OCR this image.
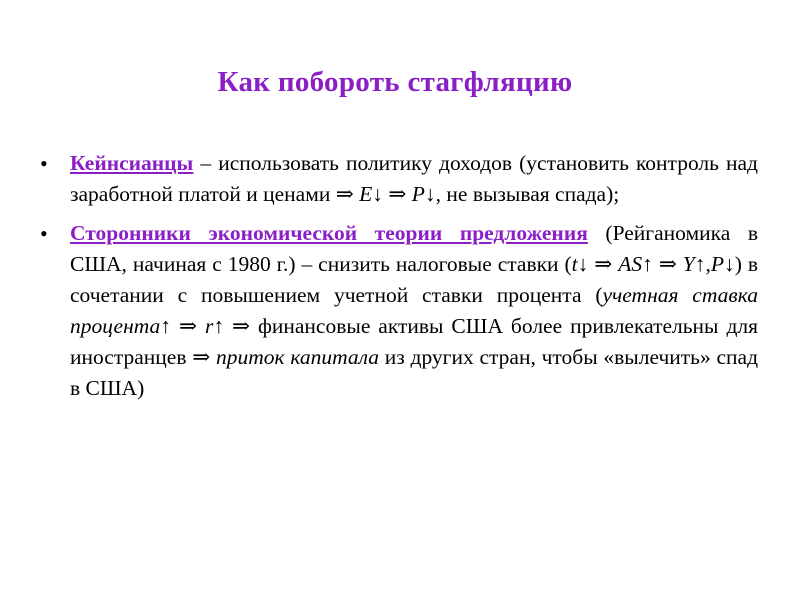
Как побороть стагфляцию
• Кейнсианцы – использовать политику доходов (установить контроль над заработной платой и ценами ⇒ E↓ ⇒ P↓, не вызывая спада);
• Сторонники экономической теории предложения (Рейганомика в США, начиная с 1980 г.) – снизить налоговые ставки (t↓ ⇒ AS↑ ⇒ Y↑,P↓) в сочетании с повышением учетной ставки процента (учетная ставка процента↑ ⇒ r↑ ⇒ финансовые активы США более привлекательны для иностранцев ⇒ приток капитала из других стран, чтобы «вылечить» спад в США)
